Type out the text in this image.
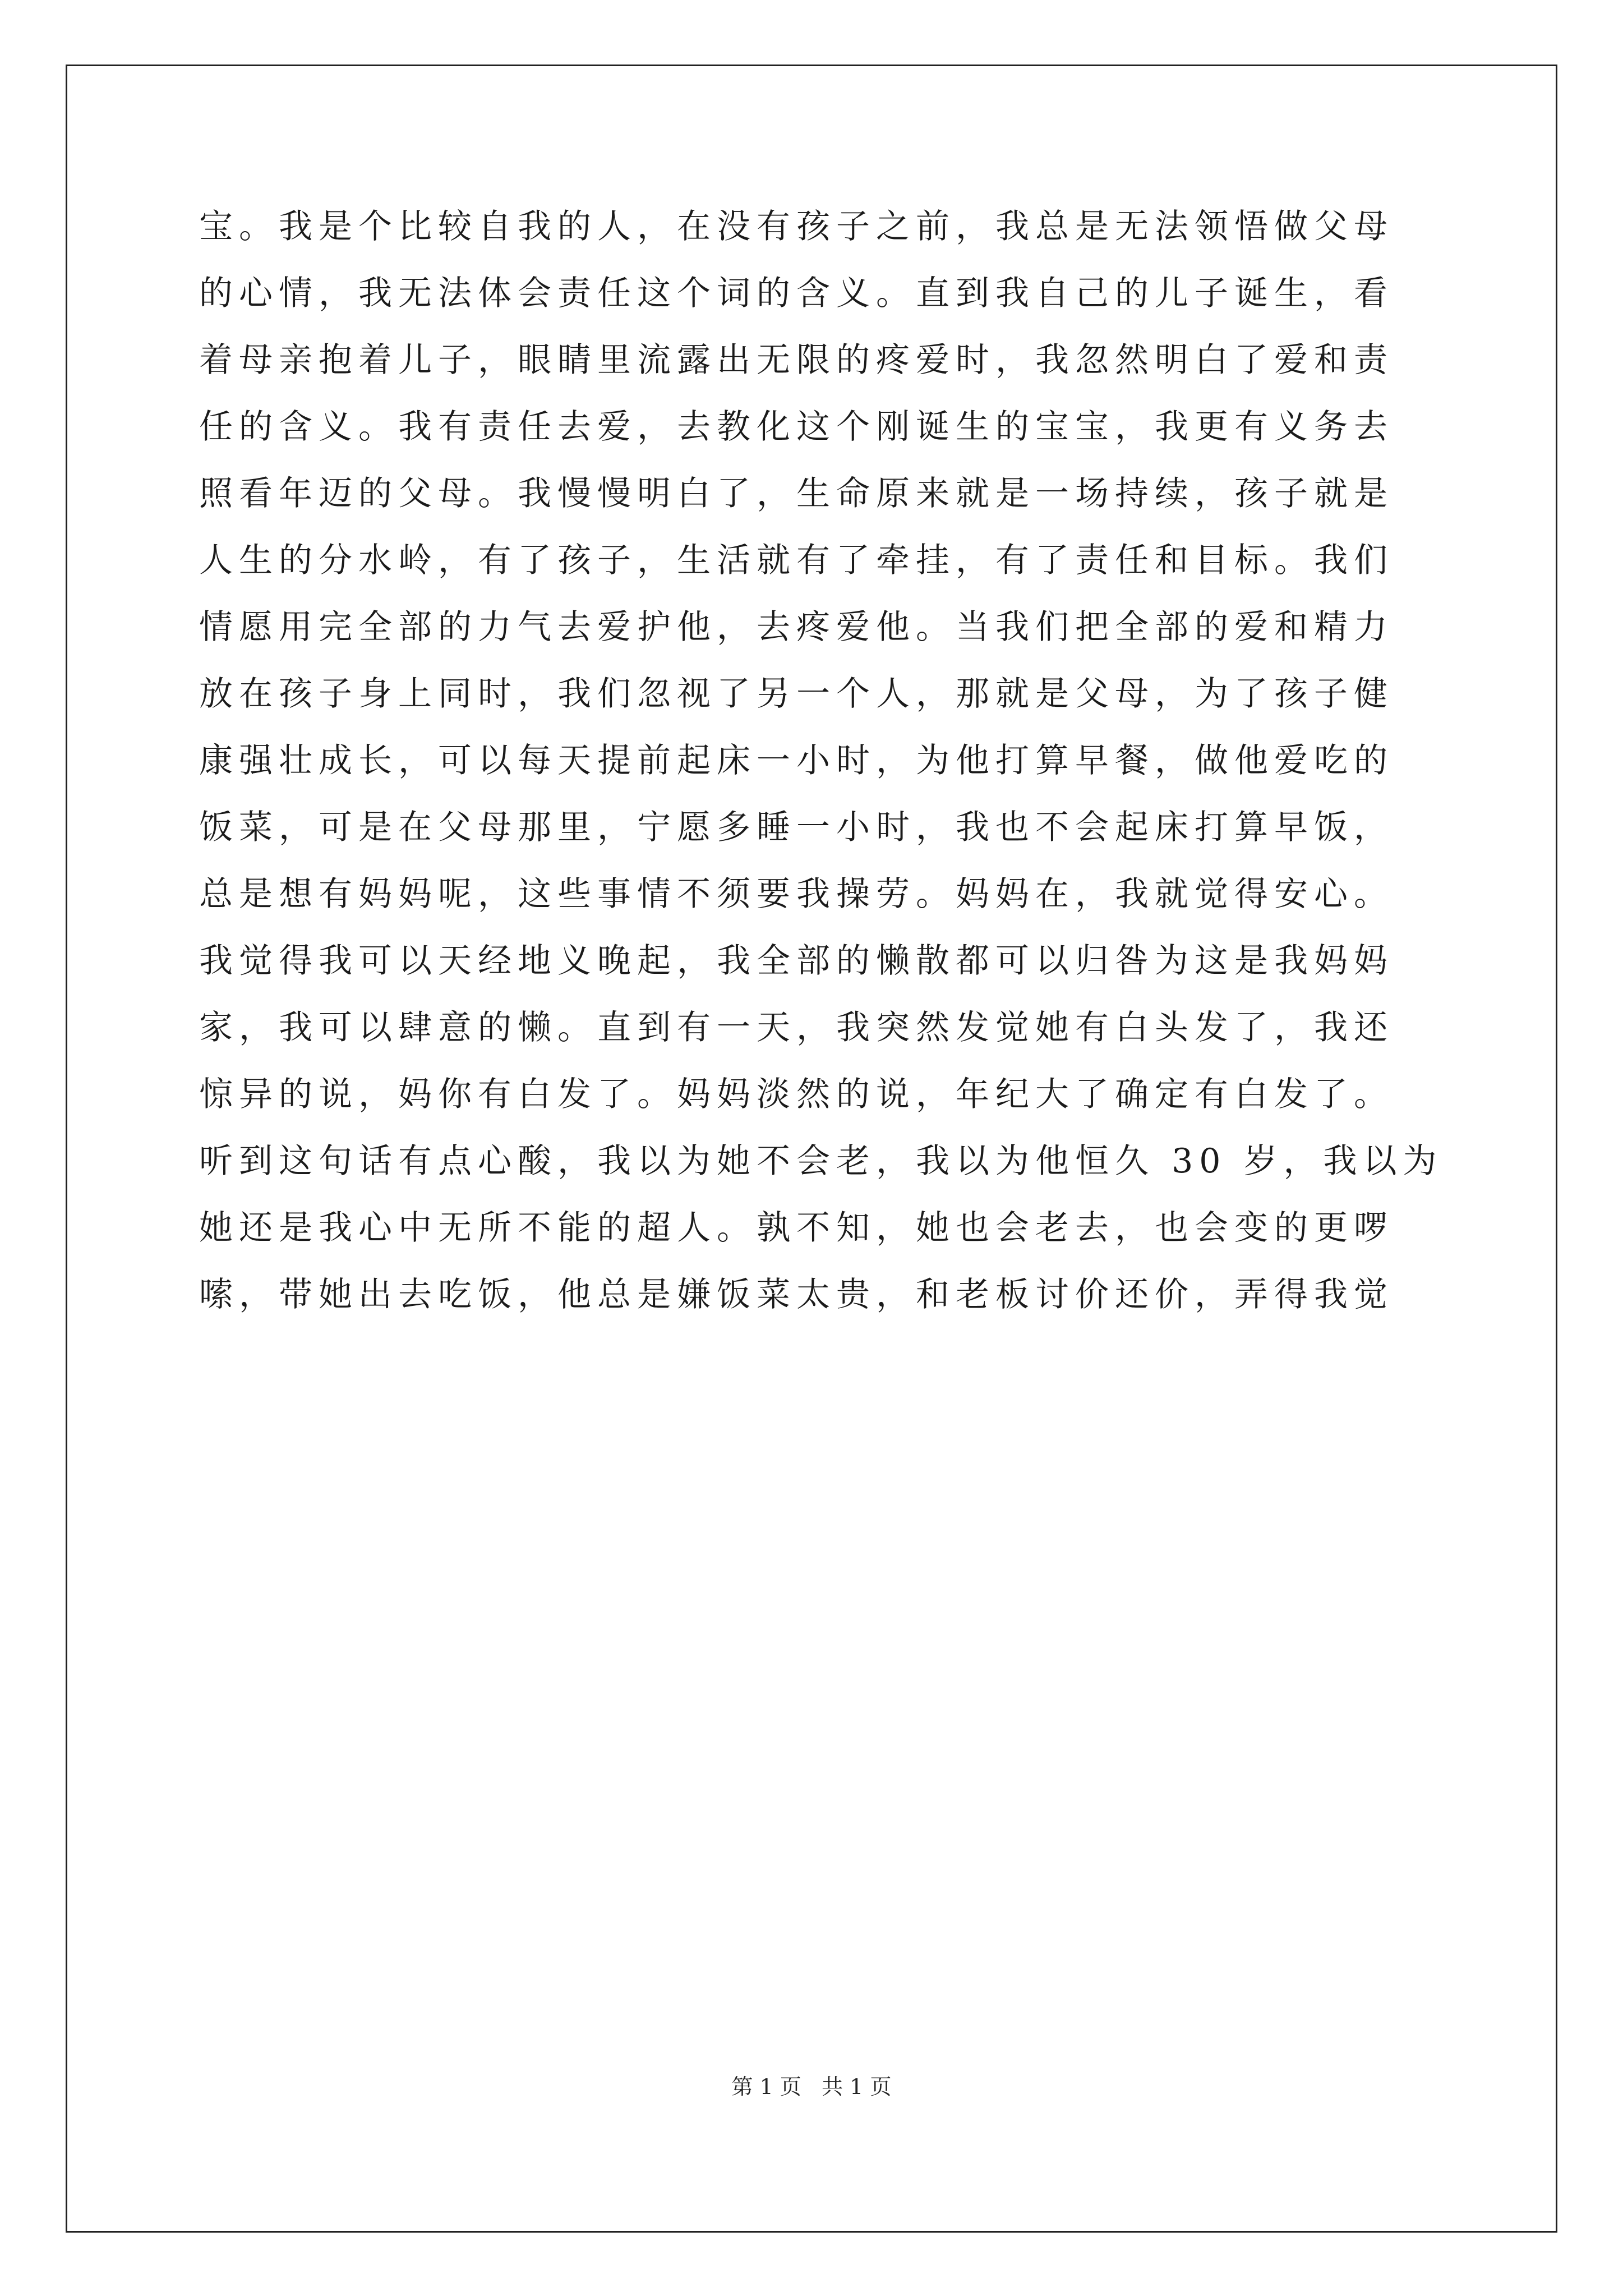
宝。我是个比较自我的人，在没有孩子之前，我总是无法领悟做父母
的心情，我无法体会责任这个词的含义。直到我自己的儿子诞生，看
着母亲抱着儿子，眼睛里流露出无限的疼爱时，我忽然明白了爱和责
任的含义。我有责任去爱，去教化这个刚诞生的宝宝，我更有义务去
照看年迈的父母。我慢慢明白了，生命原来就是一场持续，孩子就是
人生的分水岭，有了孩子，生活就有了牵挂，有了责任和目标。我们
情愿用完全部的力气去爱护他，去疼爱他。当我们把全部的爱和精力
放在孩子身上同时，我们忽视了另一个人，那就是父母，为了孩子健
康强壮成长，可以每天提前起床一小时，为他打算早餐，做他爱吃的
饭菜，可是在父母那里，宁愿多睡一小时，我也不会起床打算早饭，
总是想有妈妈呢，这些事情不须要我操劳。妈妈在，我就觉得安心。
我觉得我可以天经地义晚起，我全部的懒散都可以归咎为这是我妈妈
家，我可以肆意的懒。直到有一天，我突然发觉她有白头发了，我还
惊异的说，妈你有白发了。妈妈淡然的说，年纪大了确定有白发了。
听到这句话有点心酸，我以为她不会老，我以为他恒久 30 岁，我以为
她还是我心中无所不能的超人。孰不知，她也会老去，也会变的更啰
嗦，带她出去吃饭，他总是嫌饭菜太贵，和老板讨价还价，弄得我觉
第 1 页   共 1 页
